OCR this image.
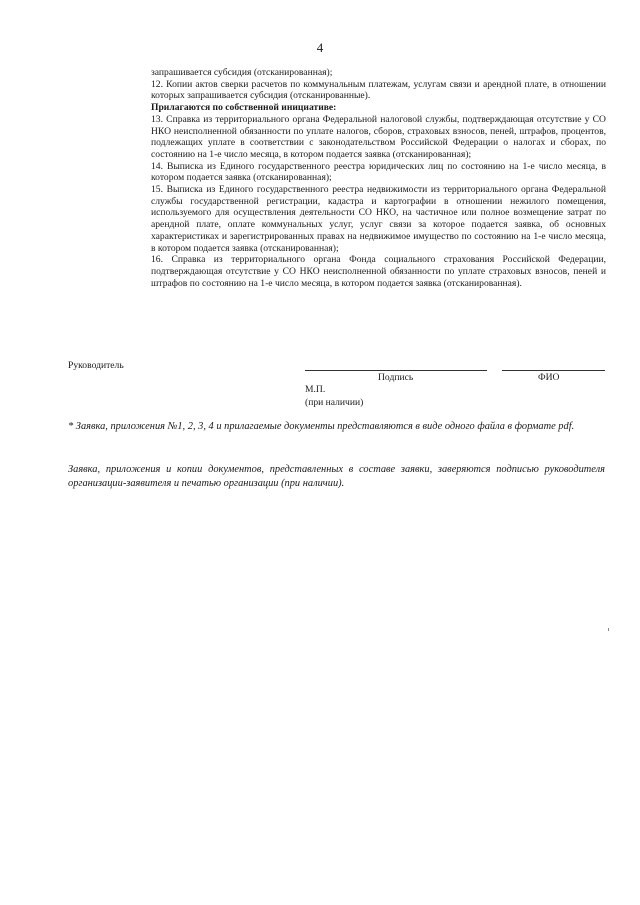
4

запрашивается субсидия (отсканированная);

12. Копии актов сверки расчетов по коммунальным платежам, услугам связи и арендной плате, в отношении которых запрашивается субсидия (отсканированные).

Прилагаются по собственной инициативе:

13. Справка из территориального органа Федеральной налоговой службы, подтверждающая отсутствие у СО НКО неисполненной обязанности по уплате налогов, сборов, страховых взносов, пеней, штрафов, процентов, подлежащих уплате в соответствии с законодательством Российской Федерации о налогах и сборах, по состоянию на 1-е число месяца, в котором подается заявка (отсканированная);

14. Выписка из Единого государственного реестра юридических лиц по состоянию на 1-е число месяца, в котором подается заявка (отсканированная);

15. Выписка из Единого государственного реестра недвижимости из территориального органа Федеральной службы государственной регистрации, кадастра и картографии в отношении нежилого помещения, используемого для осуществления деятельности СО НКО, на частичное или полное возмещение затрат по арендной плате, оплате коммунальных услуг, услуг связи за которое подается заявка, об основных характеристиках и зарегистрированных правах на недвижимое имущество по состоянию на 1-е число месяца, в котором подается заявка (отсканированная);

16. Справка из территориального органа Фонда социального страхования Российской Федерации, подтверждающая отсутствие у СО НКО неисполненной обязанности по уплате страховых взносов, пеней и штрафов по состоянию на 1-е число месяца, в котором подается заявка (отсканированная).

Руководитель
Подпись	ФИО
М.П.
(при наличии)
* Заявка, приложения №1, 2, 3, 4 и прилагаемые документы представляются в виде одного файла в формате pdf.
Заявка, приложения и копии документов, представленных в составе заявки, заверяются подписью руководителя организации-заявителя и печатью организации (при наличии).
